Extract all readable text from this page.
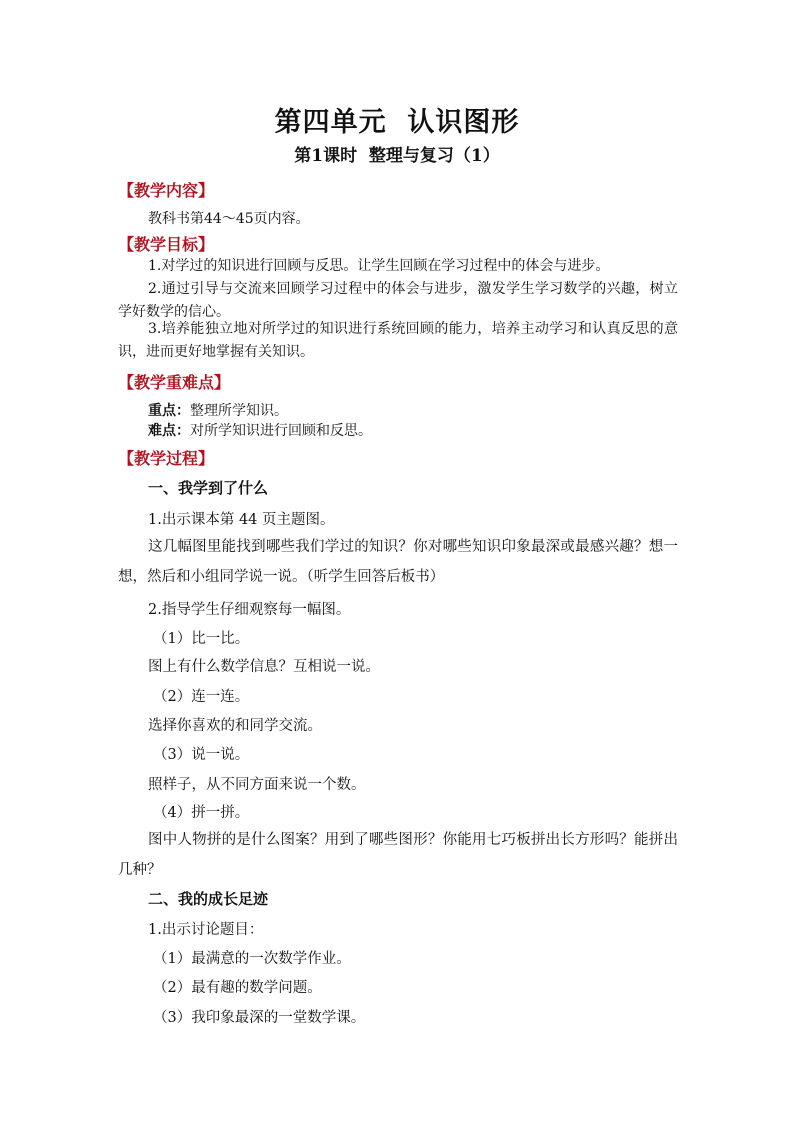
第四单元  认识图形
第1课时  整理与复习（1）
【教学内容】
教科书第44～45页内容。
【教学目标】
1.对学过的知识进行回顾与反思。让学生回顾在学习过程中的体会与进步。
2.通过引导与交流来回顾学习过程中的体会与进步，激发学生学习数学的兴趣，树立学好数学的信心。
3.培养能独立地对所学过的知识进行系统回顾的能力，培养主动学习和认真反思的意识，进而更好地掌握有关知识。
【教学重难点】
重点：整理所学知识。
难点：对所学知识进行回顾和反思。
【教学过程】
一、我学到了什么
1.出示课本第 44 页主题图。
这几幅图里能找到哪些我们学过的知识？你对哪些知识印象最深或最感兴趣？想一想，然后和小组同学说一说。（听学生回答后板书）
2.指导学生仔细观察每一幅图。
（1）比一比。
图上有什么数学信息？互相说一说。
（2）连一连。
选择你喜欢的和同学交流。
（3）说一说。
照样子，从不同方面来说一个数。
（4）拼一拼。
图中人物拼的是什么图案？用到了哪些图形？你能用七巧板拼出长方形吗？能拼出几种？
二、我的成长足迹
1.出示讨论题目：
（1）最满意的一次数学作业。
（2）最有趣的数学问题。
（3）我印象最深的一堂数学课。
